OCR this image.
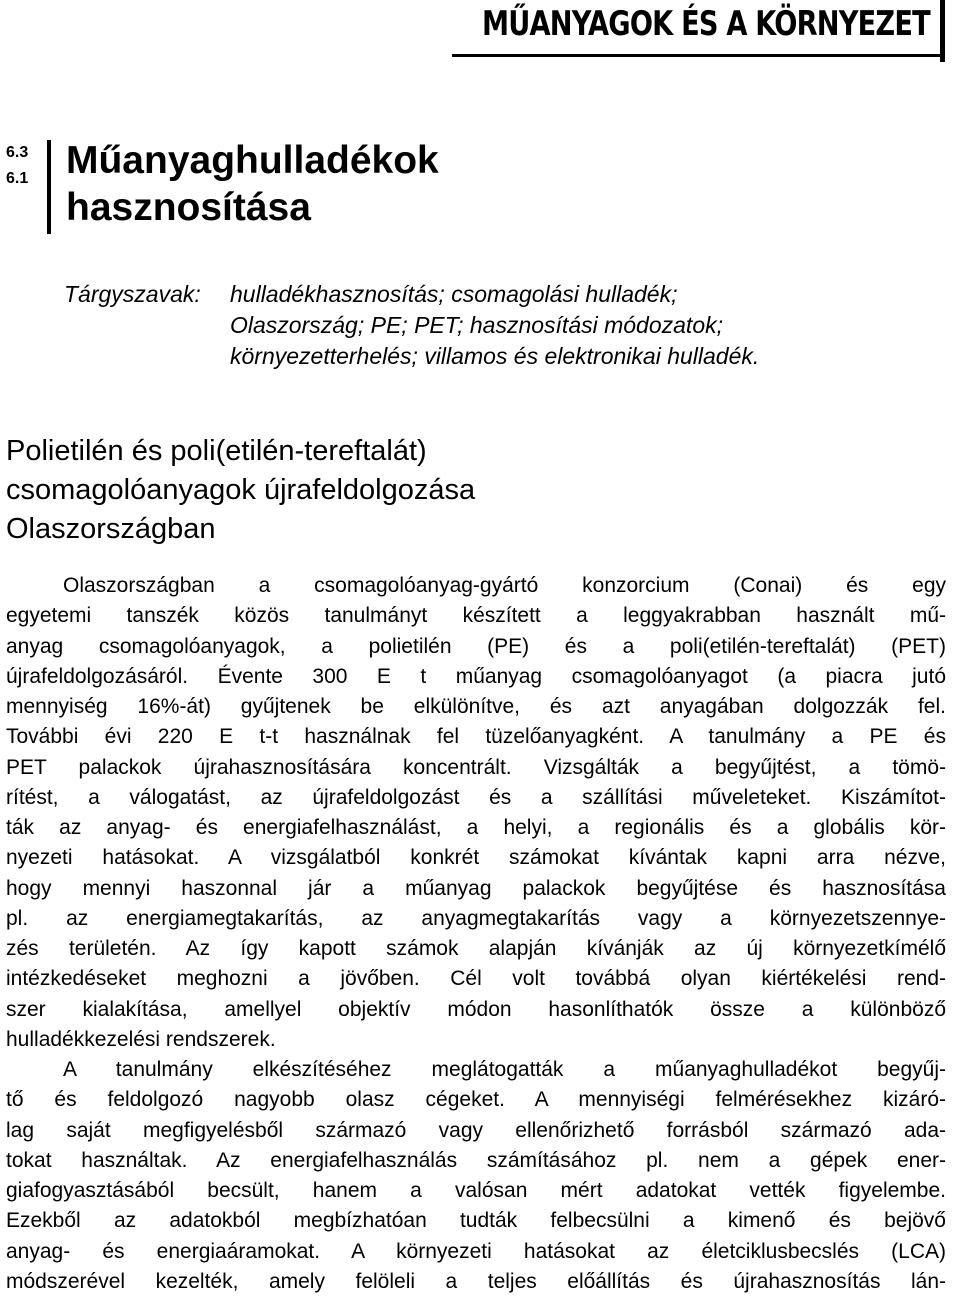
MŰANYAGOK ÉS A KÖRNYEZET
6.3
6.1 Műanyaghulladékok
hasznosítása
Tárgyszavak: hulladékhasznosítás; csomagolási hulladék;
Olaszország; PE; PET; hasznosítási módozatok;
környezetterhelés; villamos és elektronikai hulladék.
Polietilén és poli(etilén-tereftalát)
csomagolóanyagok újrafeldolgozása
Olaszországban
Olaszországban a csomagolóanyag-gyártó konzorcium (Conai) és egy
egyetemi tanszék közös tanulmányt készített a leggyakrabban használt mű-
anyag csomagolóanyagok, a polietilén (PE) és a poli(etilén-tereftalát) (PET)
újrafeldolgozásáról. Évente 300 E t műanyag csomagolóanyagot (a piacra jutó
mennyiség 16%-át) gyűjtenek be elkülönítve, és azt anyagában dolgozzák fel.
További évi 220 E t-t használnak fel tüzelőanyagként. A tanulmány a PE és
PET palackok újrahasznosítására koncentrált. Vizsgálták a begyűjtést, a tömö-
rítést, a válogatást, az újrafeldolgozást és a szállítási műveleteket. Kiszámítot-
ták az anyag- és energiafelhasználást, a helyi, a regionális és a globális kör-
nyezeti hatásokat. A vizsgálatból konkrét számokat kívántak kapni arra nézve,
hogy mennyi haszonnal jár a műanyag palackok begyűjtése és hasznosítása
pl. az energiamegtakarítás, az anyagmegtakarítás vagy a környezetszennye-
zés területén. Az így kapott számok alapján kívánják az új környezetkímélő
intézkedéseket meghozni a jövőben. Cél volt továbbá olyan kiértékelési rend-
szer kialakítása, amellyel objektív módon hasonlíthatók össze a különböző
hulladékkezelési rendszerek.
A tanulmány elkészítéséhez meglátogatták a műanyaghulladékot begyűj-
tő és feldolgozó nagyobb olasz cégeket. A mennyiségi felmérésekhez kizáró-
lag saját megfigyelésből származó vagy ellenőrizhető forrásból származó ada-
tokat használtak. Az energiafelhasználás számításához pl. nem a gépek ener-
giafogyasztásából becsült, hanem a valósan mért adatokat vették figyelembe.
Ezekből az adatokból megbízhatóan tudták felbecsülni a kimenő és bejövő
anyag- és energiaáramokat. A környezeti hatásokat az életciklusbecslés (LCA)
módszerével kezelték, amely felöleli a teljes előállítás és újrahasznosítás lán-
